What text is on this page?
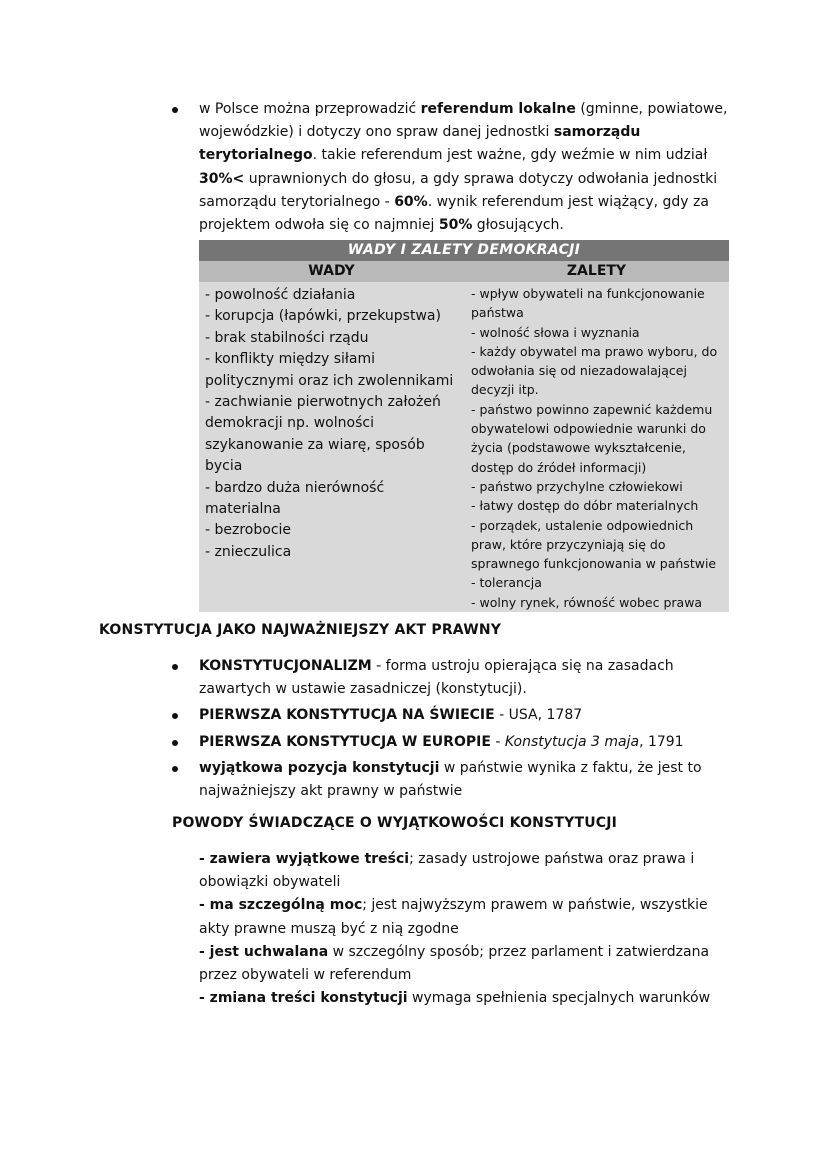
w Polsce można przeprowadzić referendum lokalne (gminne, powiatowe, wojewódzkie) i dotyczy ono spraw danej jednostki samorządu terytorialnego. takie referendum jest ważne, gdy weźmie w nim udział 30%< uprawnionych do głosu, a gdy sprawa dotyczy odwołania jednostki samorządu terytorialnego - 60%. wynik referendum jest wiążący, gdy za projektem odwoła się co najmniej 50% głosujących.

WADY I ZALETY DEMOKRACJI
WADY	ZALETY
- powolność działania
- korupcja (łapówki, przekupstwa)
- brak stabilności rządu
- konflikty między siłami politycznymi oraz ich zwolennikami
- zachwianie pierwotnych założeń demokracji np. wolności szykanowanie za wiarę, sposób bycia
- bardzo duża nierówność materialna
- bezrobocie
- znieczulica
- wpływ obywateli na funkcjonowanie państwa
- wolność słowa i wyznania
- każdy obywatel ma prawo wyboru, do odwołania się od niezadowalającej decyzji itp.
- państwo powinno zapewnić każdemu obywatelowi odpowiednie warunki do życia (podstawowe wykształcenie, dostęp do źródeł informacji)
- państwo przychylne człowiekowi
- łatwy dostęp do dóbr materialnych
- porządek, ustalenie odpowiednich praw, które przyczyniają się do sprawnego funkcjonowania w państwie
- tolerancja
- wolny rynek, równość wobec prawa
KONSTYTUCJA JAKO NAJWAŻNIEJSZY AKT PRAWNY
KONSTYTUCJONALIZM - forma ustroju opierająca się na zasadach zawartych w ustawie zasadniczej (konstytucji).
PIERWSZA KONSTYTUCJA NA ŚWIECIE - USA, 1787
PIERWSZA KONSTYTUCJA W EUROPIE - Konstytucja 3 maja, 1791
wyjątkowa pozycja konstytucji w państwie wynika z faktu, że jest to najważniejszy akt prawny w państwie
POWODY ŚWIADCZĄCE O WYJĄTKOWOŚCI KONSTYTUCJI

- zawiera wyjątkowe treści; zasady ustrojowe państwa oraz prawa i obowiązki obywateli

- ma szczególną moc; jest najwyższym prawem w państwie, wszystkie akty prawne muszą być z nią zgodne

- jest uchwalana w szczególny sposób; przez parlament i zatwierdzana przez obywateli w referendum

- zmiana treści konstytucji wymaga spełnienia specjalnych warunków
